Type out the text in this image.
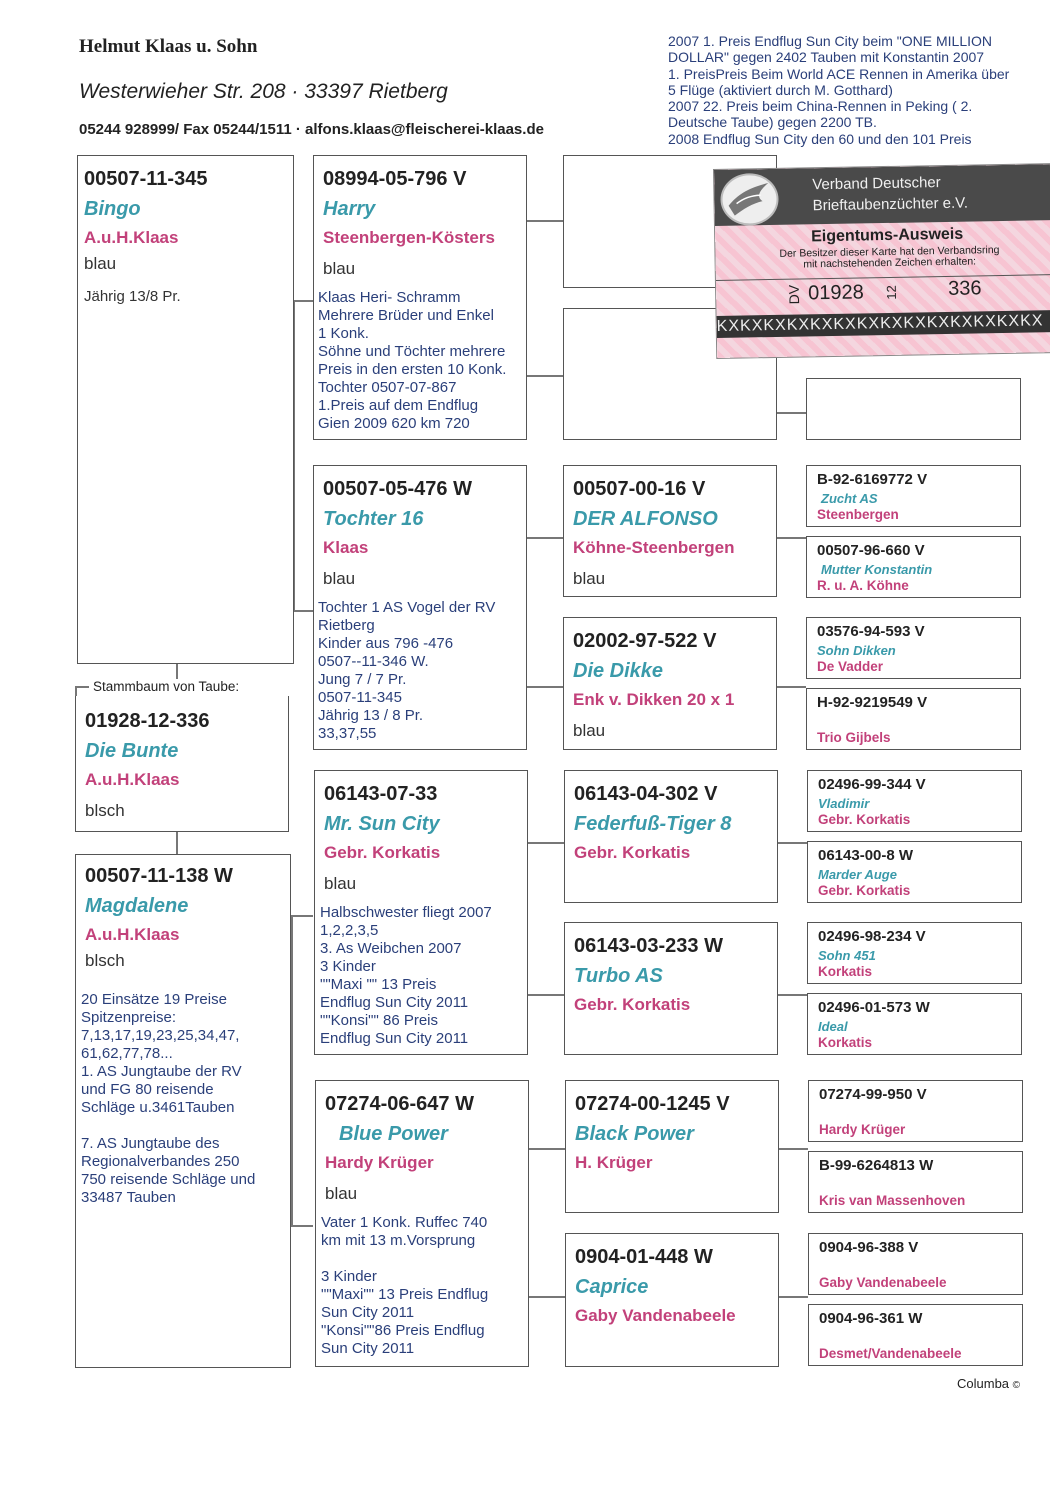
Helmut Klaas u. Sohn
Westerwieher Str. 208 · 33397 Rietberg
05244 928999/ Fax 05244/1511 · alfons.klaas@fleischerei-klaas.de
2007 1. Preis Endflug Sun City beim "ONE MILLION
DOLLAR" gegen 2402 Tauben mit Konstantin 2007
1. PreisPreis Beim World ACE Rennen in Amerika über
5 Flüge (aktiviert durch M. Gotthard)
2007 22. Preis beim China-Rennen in Peking ( 2.
Deutsche Taube) gegen 2200 TB.
2008 Endflug Sun City den 60 und den 101 Preis
00507-11-345
Bingo
A.u.H.Klaas
blau
Jährig 13/8 Pr.
Stammbaum von Taube:
01928-12-336
Die Bunte
A.u.H.Klaas
blsch
00507-11-138 W
Magdalene
A.u.H.Klaas
blsch
20 Einsätze 19 Preise
Spitzenpreise:
7,13,17,19,23,25,34,47,
61,62,77,78...
1. AS Jungtaube der RV
und FG 80 reisende
Schläge u.3461Tauben

7. AS Jungtaube des
Regionalverbandes 250
750 reisende Schläge und
33487 Tauben
08994-05-796 V
Harry
Steenbergen-Kösters
blau
Klaas Heri- Schramm
Mehrere Brüder und Enkel
1 Konk.
Söhne und Töchter mehrere
Preis in den ersten 10 Konk.
Tochter 0507-07-867
1.Preis auf dem Endflug
Gien 2009 620 km 720
00507-05-476 W
Tochter 16
Klaas
blau
Tochter 1 AS Vogel der RV
Rietberg
Kinder aus 796 -476
0507--11-346 W.
Jung 7 / 7 Pr.
0507-11-345
Jährig 13 / 8 Pr.
33,37,55
06143-07-33
Mr. Sun City
Gebr. Korkatis
blau
Halbschwester fliegt 2007
1,2,2,3,5
3. As Weibchen 2007
3 Kinder
""Maxi "" 13 Preis
Endflug Sun City 2011
""Konsi"" 86 Preis
Endflug Sun City 2011
07274-06-647 W
Blue Power
Hardy Krüger
blau
Vater 1 Konk. Ruffec 740
km mit 13 m.Vorsprung

3 Kinder
""Maxi"" 13 Preis Endflug
Sun City 2011
"Konsi""86 Preis Endflug
Sun City 2011
00507-00-16 V
DER ALFONSO
Köhne-Steenbergen
blau
02002-97-522 V
Die Dikke
Enk v. Dikken 20 x 1
blau
06143-04-302 V
Federfuß-Tiger 8
Gebr. Korkatis
06143-03-233 W
Turbo AS
Gebr. Korkatis
07274-00-1245 V
Black Power
H. Krüger
0904-01-448 W
Caprice
Gaby Vandenabeele
B-92-6169772 V
Zucht AS
Steenbergen
00507-96-660 V
Mutter Konstantin
R. u. A. Köhne
03576-94-593 V
Sohn Dikken
De Vadder
H-92-9219549 V
Trio Gijbels
02496-99-344 V
Vladimir
Gebr. Korkatis
06143-00-8 W
Marder Auge
Gebr. Korkatis
02496-98-234 V
Sohn 451
Korkatis
02496-01-573 W
Ideal
Korkatis
07274-99-950 V
Hardy Krüger
B-99-6264813 W
Kris van Massenhoven
0904-96-388 V
Gaby Vandenabeele
0904-96-361 W
Desmet/Vandenabeele
Verband Deutscher
Brieftaubenzüchter e.V.
Eigentums-Ausweis
Der Besitzer dieser Karte hat den Verbandsring
mit nachstehenden Zeichen erhalten:
DV 01928 12 336
KXKXKXKXKXKXKXKXKXKXKXKXKXKX
Columba ©
